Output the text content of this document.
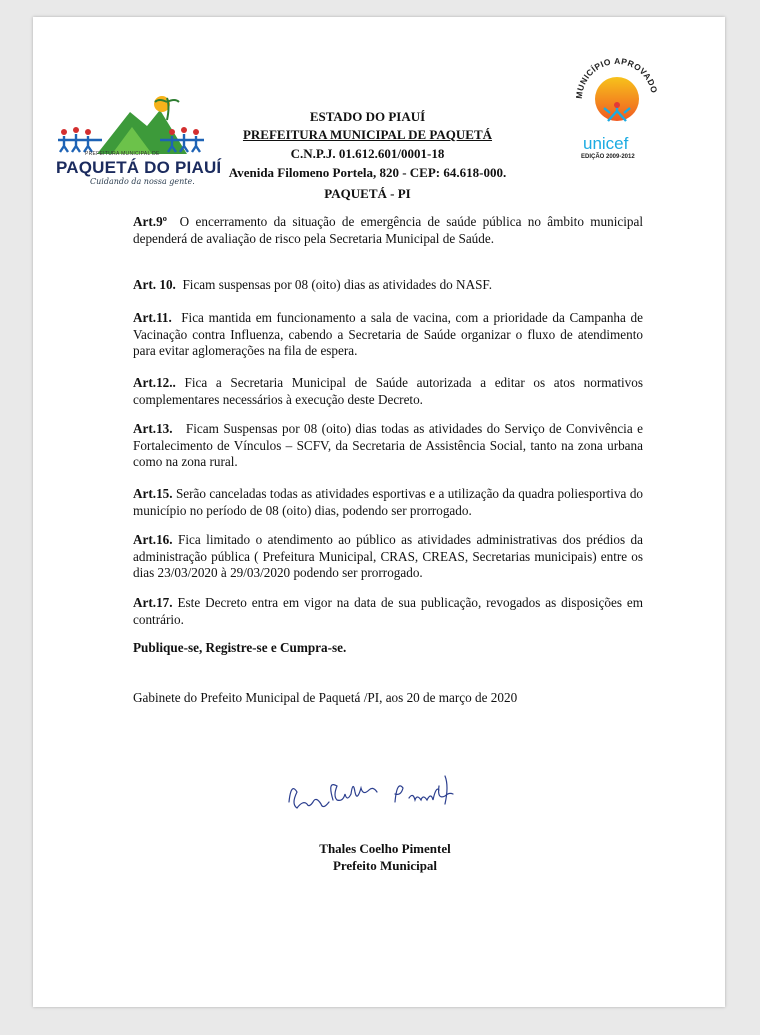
PREFEITURA MUNICIPAL DE
PAQUETÁ DO PIAUÍ
Cuidando da nossa gente.
ESTADO DO PIAUÍ
PREFEITURA MUNICIPAL DE PAQUETÁ
C.N.P.J. 01.612.601/0001-18
Avenida Filomeno Portela, 820 - CEP: 64.618-000.
PAQUETÁ - PI
MUNICÍPIO APROVADO
unicef
EDIÇÃO 2009-2012
Art.9º O encerramento da situação de emergência de saúde pública no âmbito municipal dependerá de avaliação de risco pela Secretaria Municipal de Saúde.
Art. 10. Ficam suspensas por 08 (oito) dias as atividades do NASF.
Art.11. Fica mantida em funcionamento a sala de vacina, com a prioridade da Campanha de Vacinação contra Influenza, cabendo a Secretaria de Saúde organizar o fluxo de atendimento para evitar aglomerações na fila de espera.
Art.12.. Fica a Secretaria Municipal de Saúde autorizada a editar os atos normativos complementares necessários à execução deste Decreto.
Art.13. Ficam Suspensas por 08 (oito) dias todas as atividades do Serviço de Convivência e Fortalecimento de Vínculos – SCFV, da Secretaria de Assistência Social, tanto na zona urbana como na zona rural.
Art.15. Serão canceladas todas as atividades esportivas e a utilização da quadra poliesportiva do município no período de 08 (oito) dias, podendo ser prorrogado.
Art.16. Fica limitado o atendimento ao público as atividades administrativas dos prédios da administração pública ( Prefeitura Municipal, CRAS, CREAS, Secretarias municipais) entre os dias 23/03/2020 à 29/03/2020 podendo ser prorrogado.
Art.17. Este Decreto entra em vigor na data de sua publicação, revogados as disposições em contrário.
Publique-se, Registre-se e Cumpra-se.
Gabinete do Prefeito Municipal de Paquetá /PI, aos 20 de março de 2020
Thales Coelho Pimentel
Prefeito Municipal
